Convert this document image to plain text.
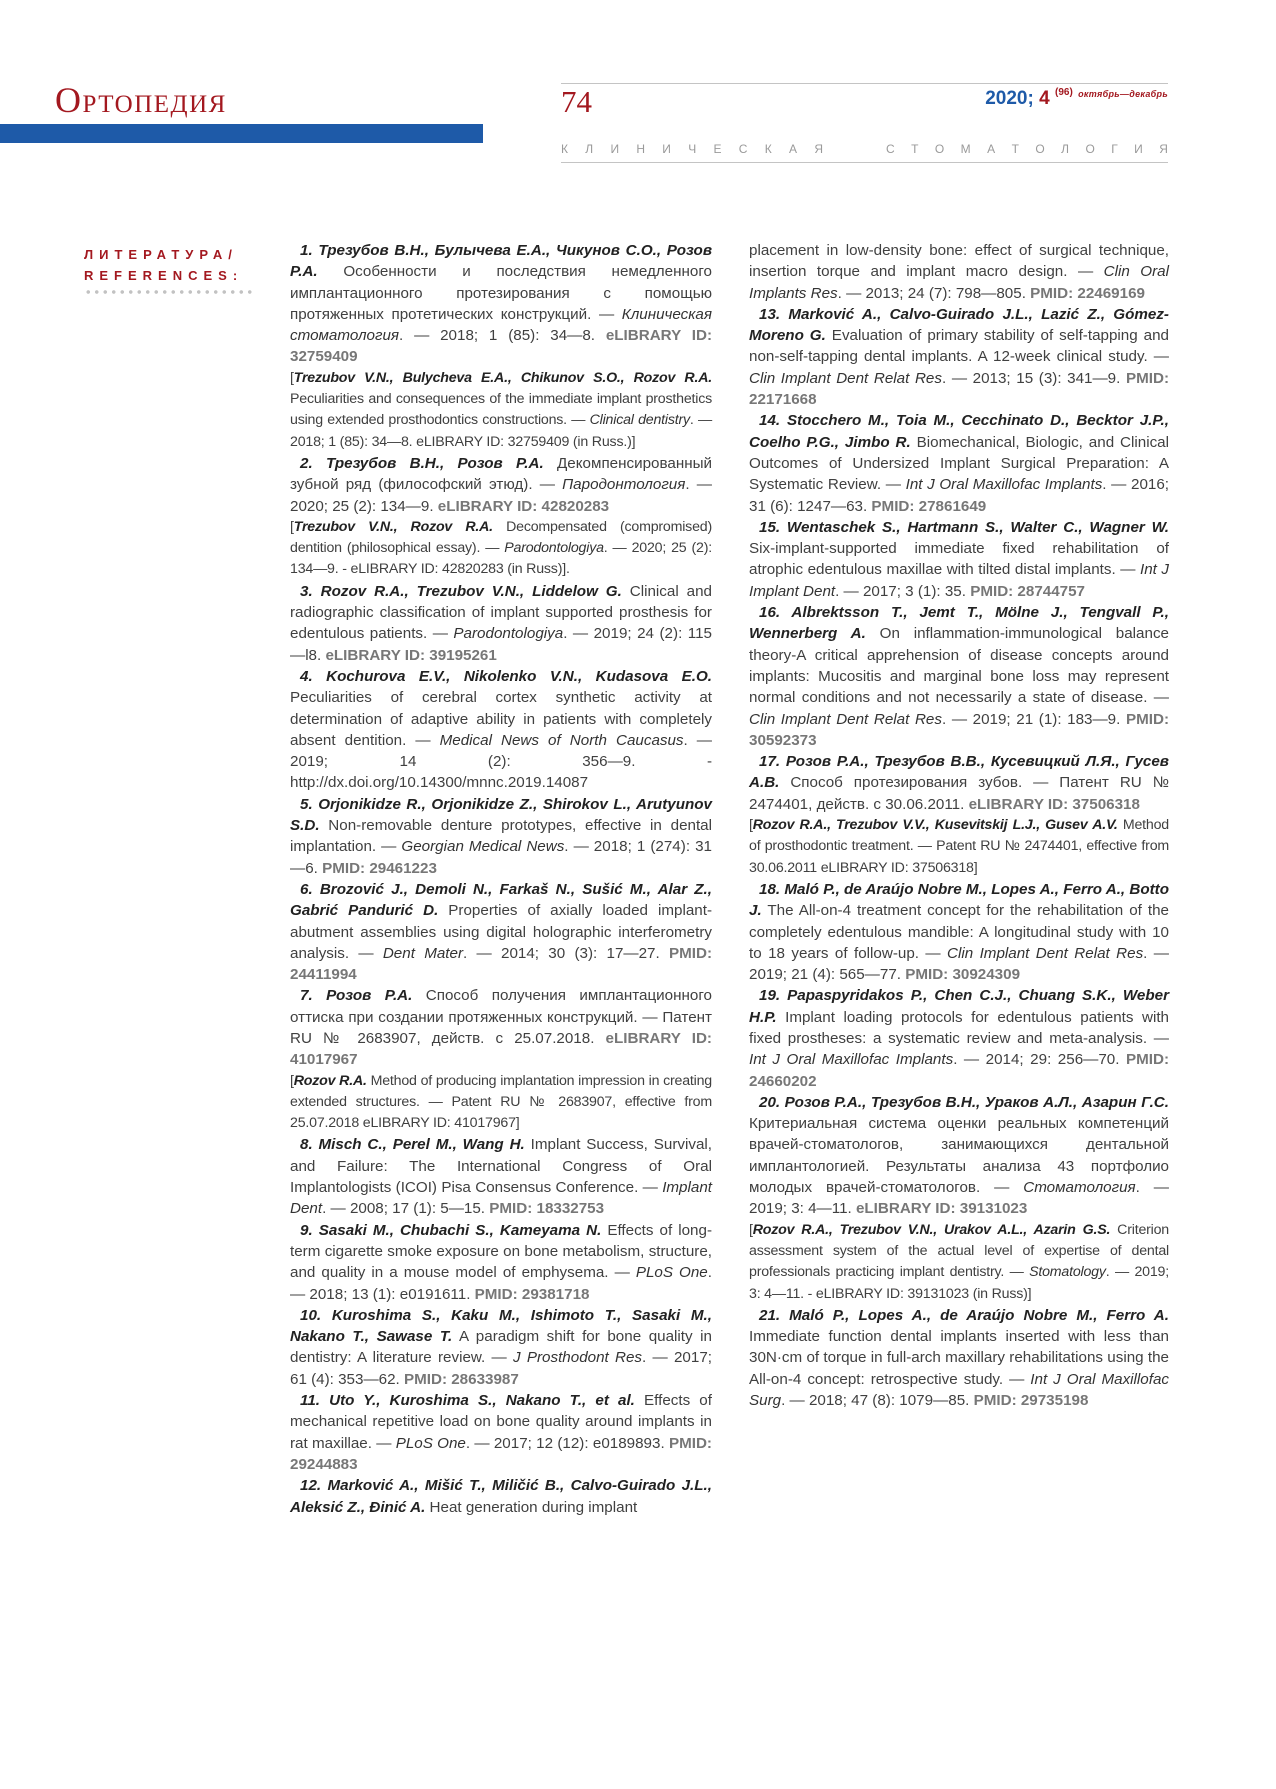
Ортопедия	74	2020; 4 $^{(96)}$ $^{октябрь—декабрь}$
К Л И Н И Ч Е С К А Я	С Т О М А Т О Л О Г И Я
ЛИТЕРАТУРА/
REFERENCES:
1. Трезубов В.Н., Булычева Е.А., Чикунов С.О., Розов Р.А. Особенности и последствия немедленного имплантационного протезирования с помощью протяженных протетических конструкций. — Клиническая стоматология. — 2018; 1 (85): 34—8. eLIBRARY ID: 32759409
[Trezubov V.N., Bulycheva E.A., Chikunov S.O., Rozov R.A. Peculiarities and consequences of the immediate implant prosthetics using extended prosthodontics constructions. — Clinical dentistry. — 2018; 1 (85): 34—8. eLIBRARY ID: 32759409 (in Russ.)]
2. Трезубов В.Н., Розов Р.А. Декомпенсированный зубной ряд (философский этюд). — Пародонтология. — 2020; 25 (2): 134—9. eLIBRARY ID: 42820283
[Trezubov V.N., Rozov R.A. Decompensated (compromised) dentition (philosophical essay). — Parodontologiya. — 2020; 25 (2): 134—9. - eLIBRARY ID: 42820283 (in Russ)].
3. Rozov R.A., Trezubov V.N., Liddelow G. Clinical and radiographic classification of implant supported prosthesis for edentulous patients. — Parodontologiya. — 2019; 24 (2): 115—l8. eLIBRARY ID: 39195261
4. Kochurova E.V., Nikolenko V.N., Kudasova E.O. Peculiarities of cerebral cortex synthetic activity at determination of adaptive ability in patients with completely absent dentition. — Medical News of North Caucasus. — 2019; 14 (2): 356—9. - http://dx.doi.org/10.14300/mnnc.2019.14087
5. Orjonikidze R., Orjonikidze Z., Shirokov L., Arutyunov S.D. Non-removable denture prototypes, effective in dental implantation. — Georgian Medical News. — 2018; 1 (274): 31—6. PMID: 29461223
6. Brozović J., Demoli N., Farkaš N., Sušić M., Alar Z., Gabrić Pandurić D. Properties of axially loaded implant-abutment assemblies using digital holographic interferometry analysis. — Dent Mater. — 2014; 30 (3): 17—27. PMID: 24411994
7. Розов Р.А. Способ получения имплантационного оттиска при создании протяженных конструкций. — Патент RU № 2683907, действ. с 25.07.2018. eLIBRARY ID: 41017967
[Rozov R.A. Method of producing implantation impression in creating extended structures. — Patent RU № 2683907, effective from 25.07.2018 eLIBRARY ID: 41017967]
8. Misch C., Perel M., Wang H. Implant Success, Survival, and Failure: The International Congress of Oral Implantologists (ICOI) Pisa Consensus Conference. — Implant Dent. — 2008; 17 (1): 5—15. PMID: 18332753
9. Sasaki M., Chubachi S., Kameyama N. Effects of long-term cigarette smoke exposure on bone metabolism, structure, and quality in a mouse model of emphysema. — PLoS One. — 2018; 13 (1): e0191611. PMID: 29381718
10. Kuroshima S., Kaku M., Ishimoto T., Sasaki M., Nakano T., Sawase T. A paradigm shift for bone quality in dentistry: A literature review. — J Prosthodont Res. — 2017; 61 (4): 353—62. PMID: 28633987
11. Uto Y., Kuroshima S., Nakano T., et al. Effects of mechanical repetitive load on bone quality around implants in rat maxillae. — PLoS One. — 2017; 12 (12): e0189893. PMID: 29244883
12. Marković A., Mišić T., Miličić B., Calvo-Guirado J.L., Aleksić Z., Đinić A. Heat generation during implant
placement in low-density bone: effect of surgical technique, insertion torque and implant macro design. — Clin Oral Implants Res. — 2013; 24 (7): 798—805. PMID: 22469169
13. Marković A., Calvo-Guirado J.L., Lazić Z., Gómez-Moreno G. Evaluation of primary stability of self-tapping and non-self-tapping dental implants. A 12-week clinical study. — Clin Implant Dent Relat Res. — 2013; 15 (3): 341—9. PMID: 22171668
14. Stocchero M., Toia M., Cecchinato D., Becktor J.P., Coelho P.G., Jimbo R. Biomechanical, Biologic, and Clinical Outcomes of Undersized Implant Surgical Preparation: A Systematic Review. — Int J Oral Maxillofac Implants. — 2016; 31 (6): 1247—63. PMID: 27861649
15. Wentaschek S., Hartmann S., Walter C., Wagner W. Six-implant-supported immediate fixed rehabilitation of atrophic edentulous maxillae with tilted distal implants. — Int J Implant Dent. — 2017; 3 (1): 35. PMID: 28744757
16. Albrektsson T., Jemt T., Mölne J., Tengvall P., Wennerberg A. On inflammation-immunological balance theory-A critical apprehension of disease concepts around implants: Mucositis and marginal bone loss may represent normal conditions and not necessarily a state of disease. — Clin Implant Dent Relat Res. — 2019; 21 (1): 183—9. PMID: 30592373
17. Розов Р.А., Трезубов В.В., Кусевицкий Л.Я., Гусев А.В. Способ протезирования зубов. — Патент RU № 2474401, действ. с 30.06.2011. eLIBRARY ID: 37506318
[Rozov R.A., Trezubov V.V., Kusevitskij L.J., Gusev A.V. Method of prosthodontic treatment. — Patent RU № 2474401, effective from 30.06.2011 eLIBRARY ID: 37506318]
18. Maló P., de Araújo Nobre M., Lopes A., Ferro A., Botto J. The All-on-4 treatment concept for the rehabilitation of the completely edentulous mandible: A longitudinal study with 10 to 18 years of follow-up. — Clin Implant Dent Relat Res. — 2019; 21 (4): 565—77. PMID: 30924309
19. Papaspyridakos P., Chen C.J., Chuang S.K., Weber H.P. Implant loading protocols for edentulous patients with fixed prostheses: a systematic review and meta-analysis. — Int J Oral Maxillofac Implants. — 2014; 29: 256—70. PMID: 24660202
20. Розов Р.А., Трезубов В.Н., Ураков А.Л., Азарин Г.С. Критериальная система оценки реальных компетенций врачей-стоматологов, занимающихся дентальной имплантологией. Результаты анализа 43 портфолио молодых врачей-стоматологов. — Стоматология. — 2019; 3: 4—11. eLIBRARY ID: 39131023
[Rozov R.A., Trezubov V.N., Urakov A.L., Azarin G.S. Criterion assessment system of the actual level of expertise of dental professionals practicing implant dentistry. — Stomatology. — 2019; 3: 4—11. - eLIBRARY ID: 39131023 (in Russ)]
21. Maló P., Lopes A., de Araújo Nobre M., Ferro A. Immediate function dental implants inserted with less than 30N·cm of torque in full-arch maxillary rehabilitations using the All-on-4 concept: retrospective study. — Int J Oral Maxillofac Surg. — 2018; 47 (8): 1079—85. PMID: 29735198
